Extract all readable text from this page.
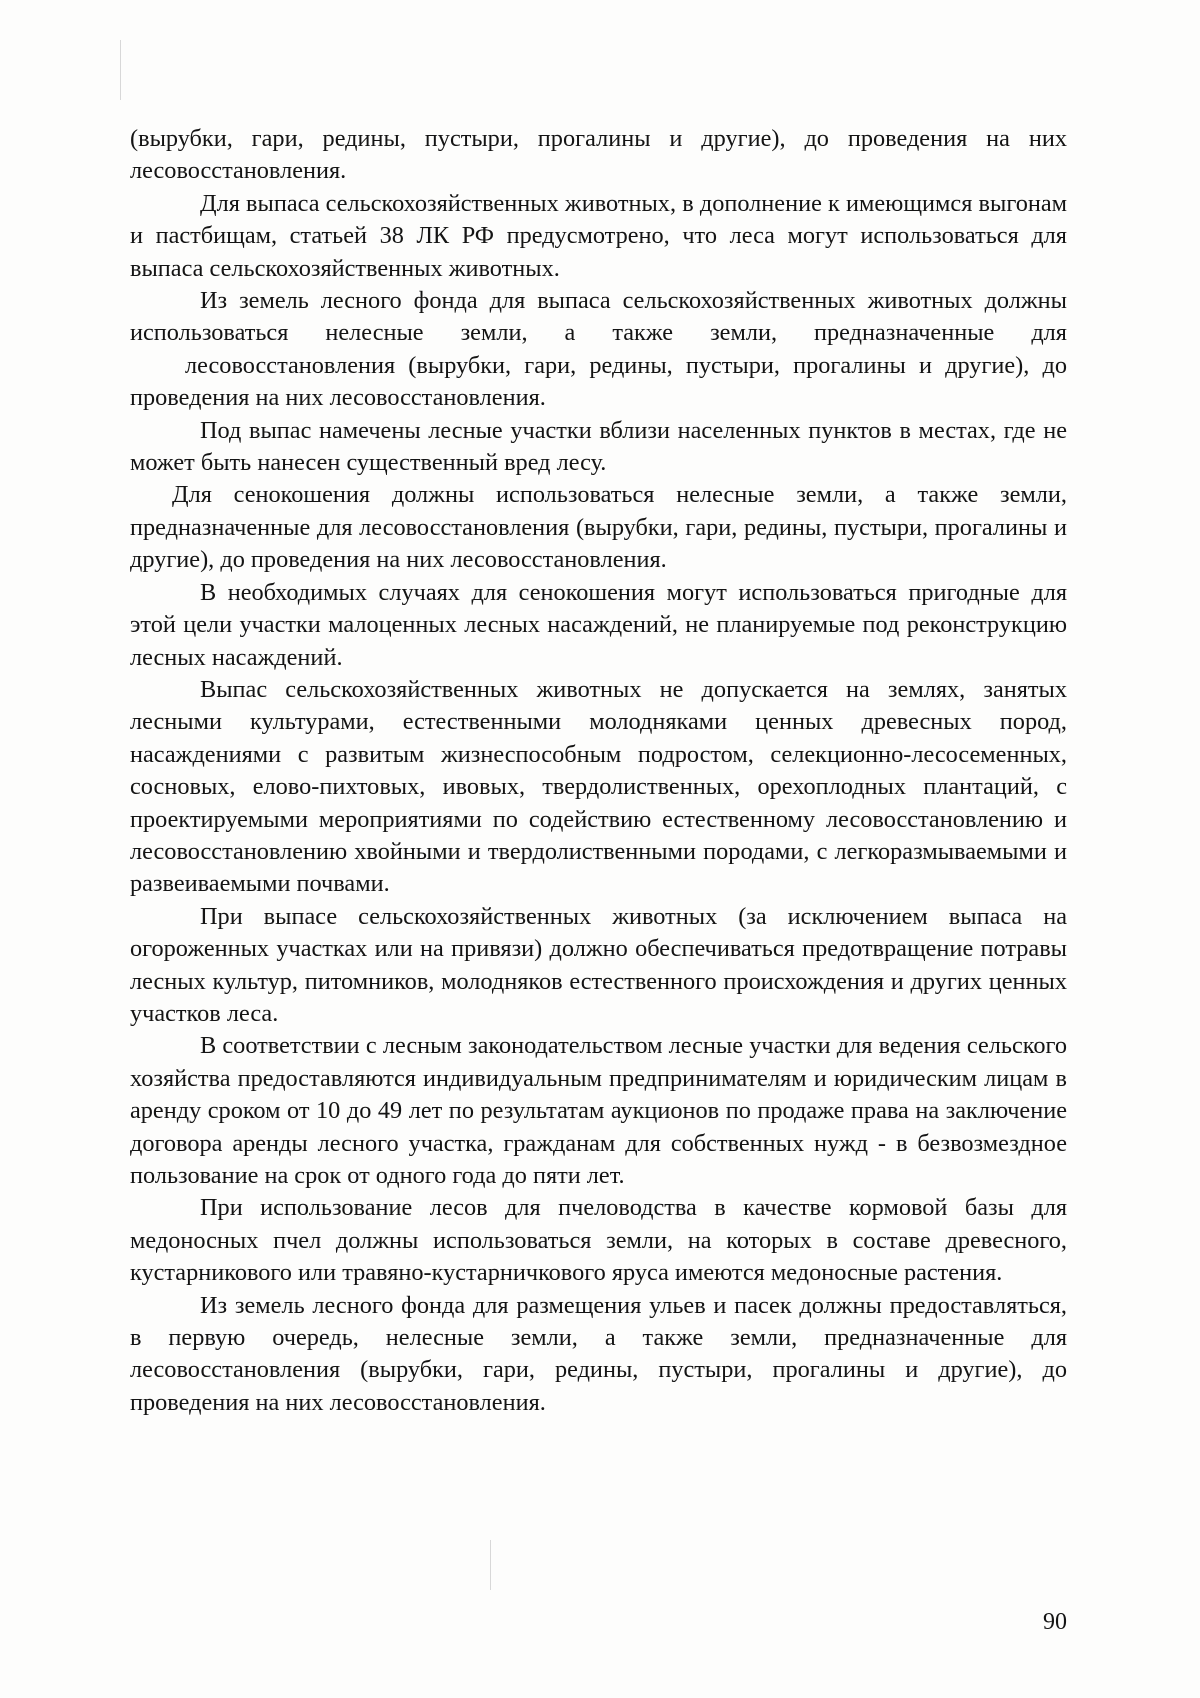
(вырубки, гари, редины, пустыри, прогалины и другие), до проведения на них лесовосстановления.

Для выпаса сельскохозяйственных животных, в дополнение к имеющимся выгонам и пастбищам, статьей 38 ЛК РФ предусмотрено, что леса могут использоваться для выпаса сельскохозяйственных животных.

Из земель лесного фонда для выпаса сельскохозяйственных животных должны использоваться нелесные земли, а также земли, предназначенные для

лесовосстановления (вырубки, гари, редины, пустыри, прогалины и другие), до проведения на них лесовосстановления.

Под выпас намечены лесные участки вблизи населенных пунктов в местах, где не может быть нанесен существенный вред лесу.

Для сенокошения должны использоваться нелесные земли, а также земли, предназначенные для лесовосстановления (вырубки, гари, редины, пустыри, прогалины и другие), до проведения на них лесовосстановления.

В необходимых случаях для сенокошения могут использоваться пригодные для этой цели участки малоценных лесных насаждений, не планируемые под реконструкцию лесных насаждений.

Выпас сельскохозяйственных животных не допускается на землях, занятых лесными культурами, естественными молодняками ценных древесных пород, насаждениями с развитым жизнеспособным подростом, селекционно-лесосеменных, сосновых, елово-пихтовых, ивовых, твердолиственных, орехоплодных плантаций, с проектируемыми мероприятиями по содействию естественному лесовосстановлению и лесовосстановлению хвойными и твердолиственными породами, с легкоразмываемыми и развеиваемыми почвами.

При выпасе сельскохозяйственных животных (за исключением выпаса на огороженных участках или на привязи) должно обеспечиваться предотвращение потравы лесных культур, питомников, молодняков естественного происхождения и других ценных участков леса.

В соответствии с лесным законодательством лесные участки для ведения сельского хозяйства предоставляются индивидуальным предпринимателям и юридическим лицам в аренду сроком от 10 до 49 лет по результатам аукционов по продаже права на заключение договора аренды лесного участка, гражданам для собственных нужд - в безвозмездное пользование на срок от одного года до пяти лет.

При использование лесов для пчеловодства в качестве кормовой базы для медоносных пчел должны использоваться земли, на которых в составе древесного, кустарникового или травяно-кустарничкового яруса имеются медоносные растения.

Из земель лесного фонда для размещения ульев и пасек должны предоставляться, в первую очередь, нелесные земли, а также земли, предназначенные для лесовосстановления (вырубки, гари, редины, пустыри, прогалины и другие), до проведения на них лесовосстановления.

90
